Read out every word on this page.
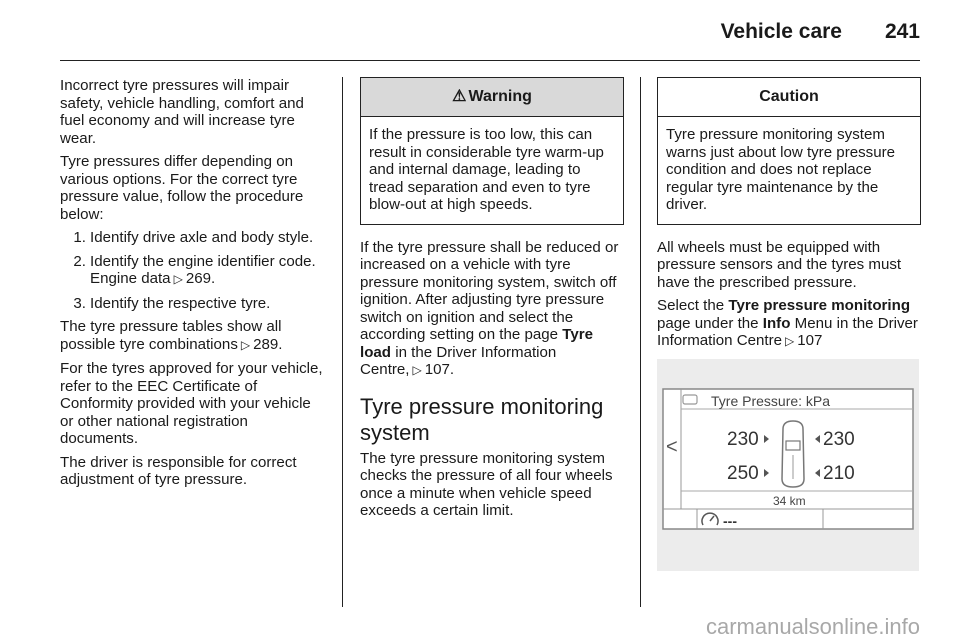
Vehicle care 241

Incorrect tyre pressures will impair safety, vehicle handling, comfort and fuel economy and will increase tyre wear.

Tyre pressures differ depending on various options. For the correct tyre pressure value, follow the procedure below:

1. Identify drive axle and body style.
2. Identify the engine identifier code. Engine data ▷ 269.
3. Identify the respective tyre.

The tyre pressure tables show all possible tyre combinations ▷ 289.

For the tyres approved for your vehicle, refer to the EEC Certificate of Conformity provided with your vehicle or other national registration documents.

The driver is responsible for correct adjustment of tyre pressure.

⚠ Warning
If the pressure is too low, this can result in considerable tyre warm-up and internal damage, leading to tread separation and even to tyre blow-out at high speeds.

If the tyre pressure shall be reduced or increased on a vehicle with tyre pressure monitoring system, switch off ignition. After adjusting tyre pressure switch on ignition and select the according setting on the page Tyre load in the Driver Information Centre, ▷ 107.

Tyre pressure monitoring system

The tyre pressure monitoring system checks the pressure of all four wheels once a minute when vehicle speed exceeds a certain limit.

Caution
Tyre pressure monitoring system warns just about low tyre pressure condition and does not replace regular tyre maintenance by the driver.

All wheels must be equipped with pressure sensors and the tyres must have the prescribed pressure.

Select the Tyre pressure monitoring page under the Info Menu in the Driver Information Centre ▷ 107

Tyre Pressure: kPa
<	230	230
250	210
34 km
---
carmanualsonline.info
